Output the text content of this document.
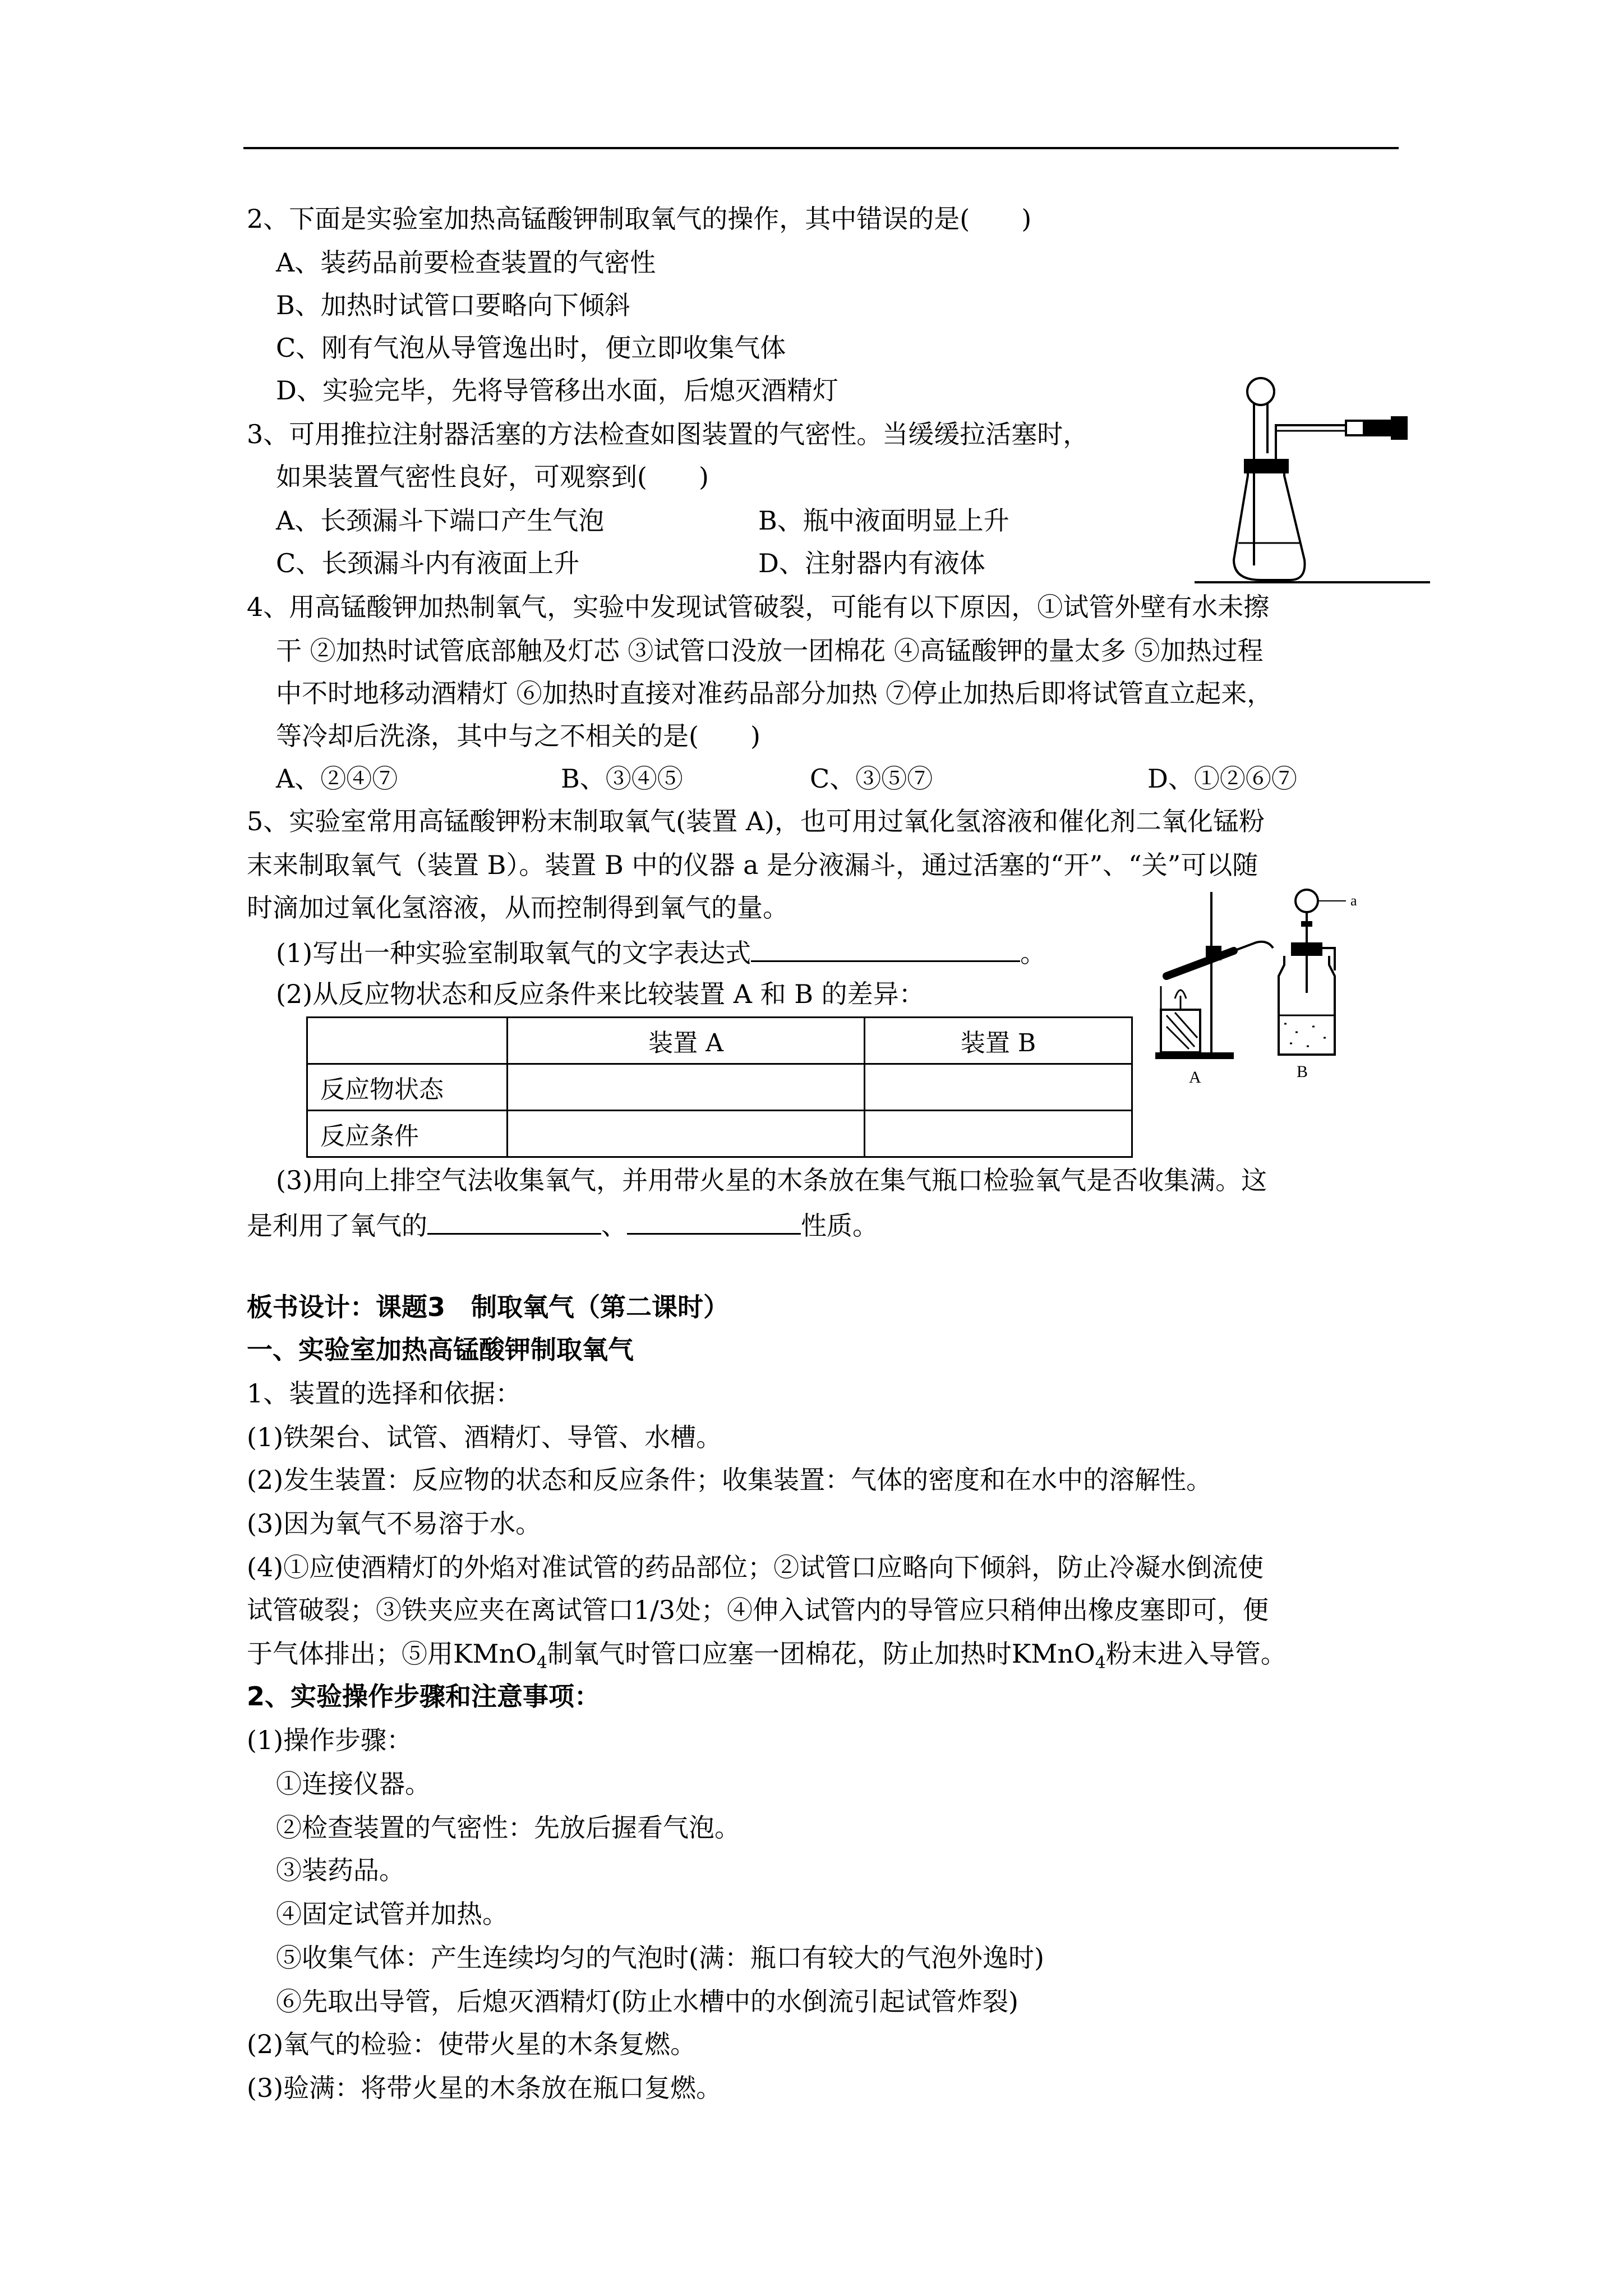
2、下面是实验室加热高锰酸钾制取氧气的操作，其中错误的是(　　)
A、装药品前要检查装置的气密性
B、加热时试管口要略向下倾斜
C、刚有气泡从导管逸出时，便立即收集气体
D、实验完毕，先将导管移出水面，后熄灭酒精灯
3、可用推拉注射器活塞的方法检查如图装置的气密性。当缓缓拉活塞时，
如果装置气密性良好，可观察到(　　)
A、长颈漏斗下端口产生气泡	B、瓶中液面明显上升
C、长颈漏斗内有液面上升	D、注射器内有液体
4、用高锰酸钾加热制氧气，实验中发现试管破裂，可能有以下原因，①试管外壁有水未擦
干 ②加热时试管底部触及灯芯 ③试管口没放一团棉花 ④高锰酸钾的量太多 ⑤加热过程
中不时地移动酒精灯 ⑥加热时直接对准药品部分加热 ⑦停止加热后即将试管直立起来，
等冷却后洗涤，其中与之不相关的是(　　)
A、②④⑦	B、③④⑤	C、③⑤⑦	D、①②⑥⑦
5、实验室常用高锰酸钾粉末制取氧气(装置 A)，也可用过氧化氢溶液和催化剂二氧化锰粉
末来制取氧气（装置 B）。装置 B 中的仪器 a 是分液漏斗，通过活塞的“开”、“关”可以随
时滴加过氧化氢溶液，从而控制得到氧气的量。
(1)写出一种实验室制取氧气的文字表达式	。
(2)从反应物状态和反应条件来比较装置 A 和 B 的差异：
	装置 A	装置 B
反应物状态		
反应条件		
A
a
B
(3)用向上排空气法收集氧气，并用带火星的木条放在集气瓶口检验氧气是否收集满。这
是利用了氧气的	、	性质。
板书设计：课题3　制取氧气（第二课时）
一、实验室加热高锰酸钾制取氧气
1、装置的选择和依据：
(1)铁架台、试管、酒精灯、导管、水槽。
(2)发生装置：反应物的状态和反应条件；收集装置：气体的密度和在水中的溶解性。
(3)因为氧气不易溶于水。
(4)①应使酒精灯的外焰对准试管的药品部位；②试管口应略向下倾斜，防止冷凝水倒流使
试管破裂；③铁夹应夹在离试管口1/3处；④伸入试管内的导管应只稍伸出橡皮塞即可，便
于气体排出；⑤用KMnO$_4$制氧气时管口应塞一团棉花，防止加热时KMnO$_4$粉末进入导管。
2、实验操作步骤和注意事项：
(1)操作步骤：
①连接仪器。
②检查装置的气密性：先放后握看气泡。
③装药品。
④固定试管并加热。
⑤收集气体：产生连续均匀的气泡时(满：瓶口有较大的气泡外逸时)
⑥先取出导管，后熄灭酒精灯(防止水槽中的水倒流引起试管炸裂)
(2)氧气的检验：使带火星的木条复燃。
(3)验满：将带火星的木条放在瓶口复燃。
